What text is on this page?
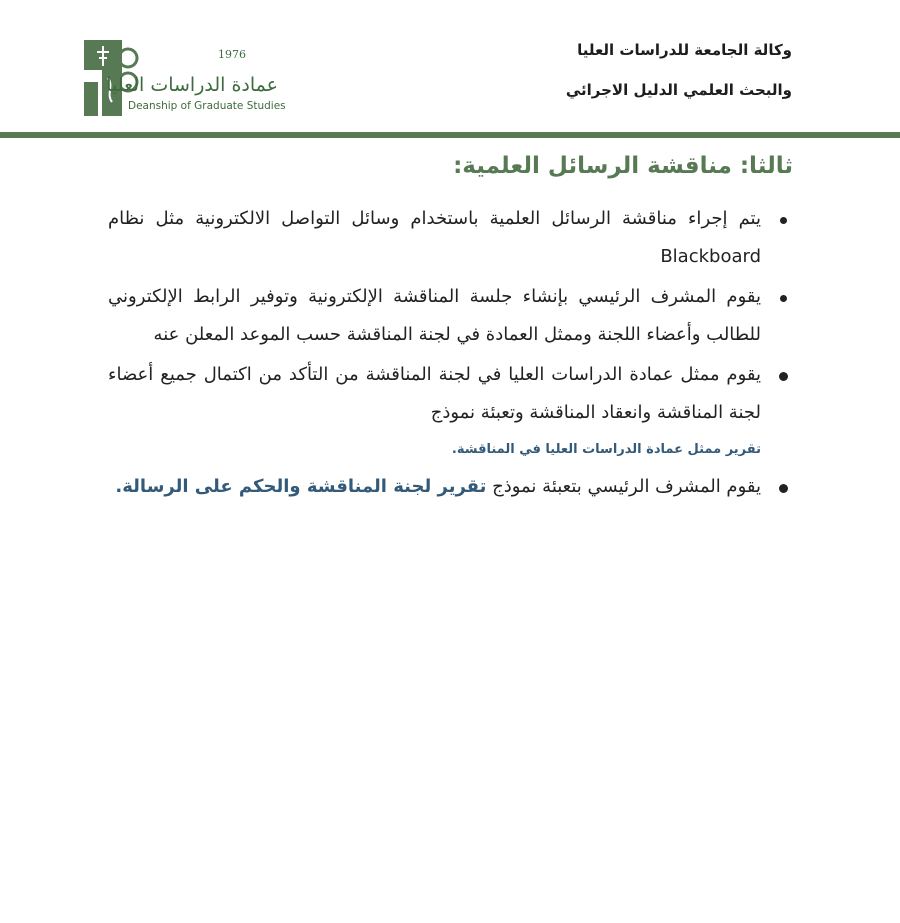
1976
عمادة الدراسات العليا
Deanship of Graduate Studies
وكالة الجامعة للدراسات العليا
والبحث العلمي الدليل الاجرائي
ثالثا: مناقشة الرسائل العلمية:
يتم إجراء مناقشة الرسائل العلمية باستخدام وسائل التواصل الالكترونية مثل نظام Blackboard
يقوم المشرف الرئيسي بإنشاء جلسة المناقشة الإلكترونية وتوفير الرابط الإلكتروني للطالب وأعضاء اللجنة وممثل العمادة في لجنة المناقشة حسب الموعد المعلن عنه
يقوم ممثل عمادة الدراسات العليا في لجنة المناقشة من التأكد من اكتمال جميع أعضاء لجنة المناقشة وانعقاد المناقشة وتعبئة نموذج
تقرير ممثل عمادة الدراسات العليا في المناقشة.
يقوم المشرف الرئيسي بتعبئة نموذج تقرير لجنة المناقشة والحكم على الرسالة.
